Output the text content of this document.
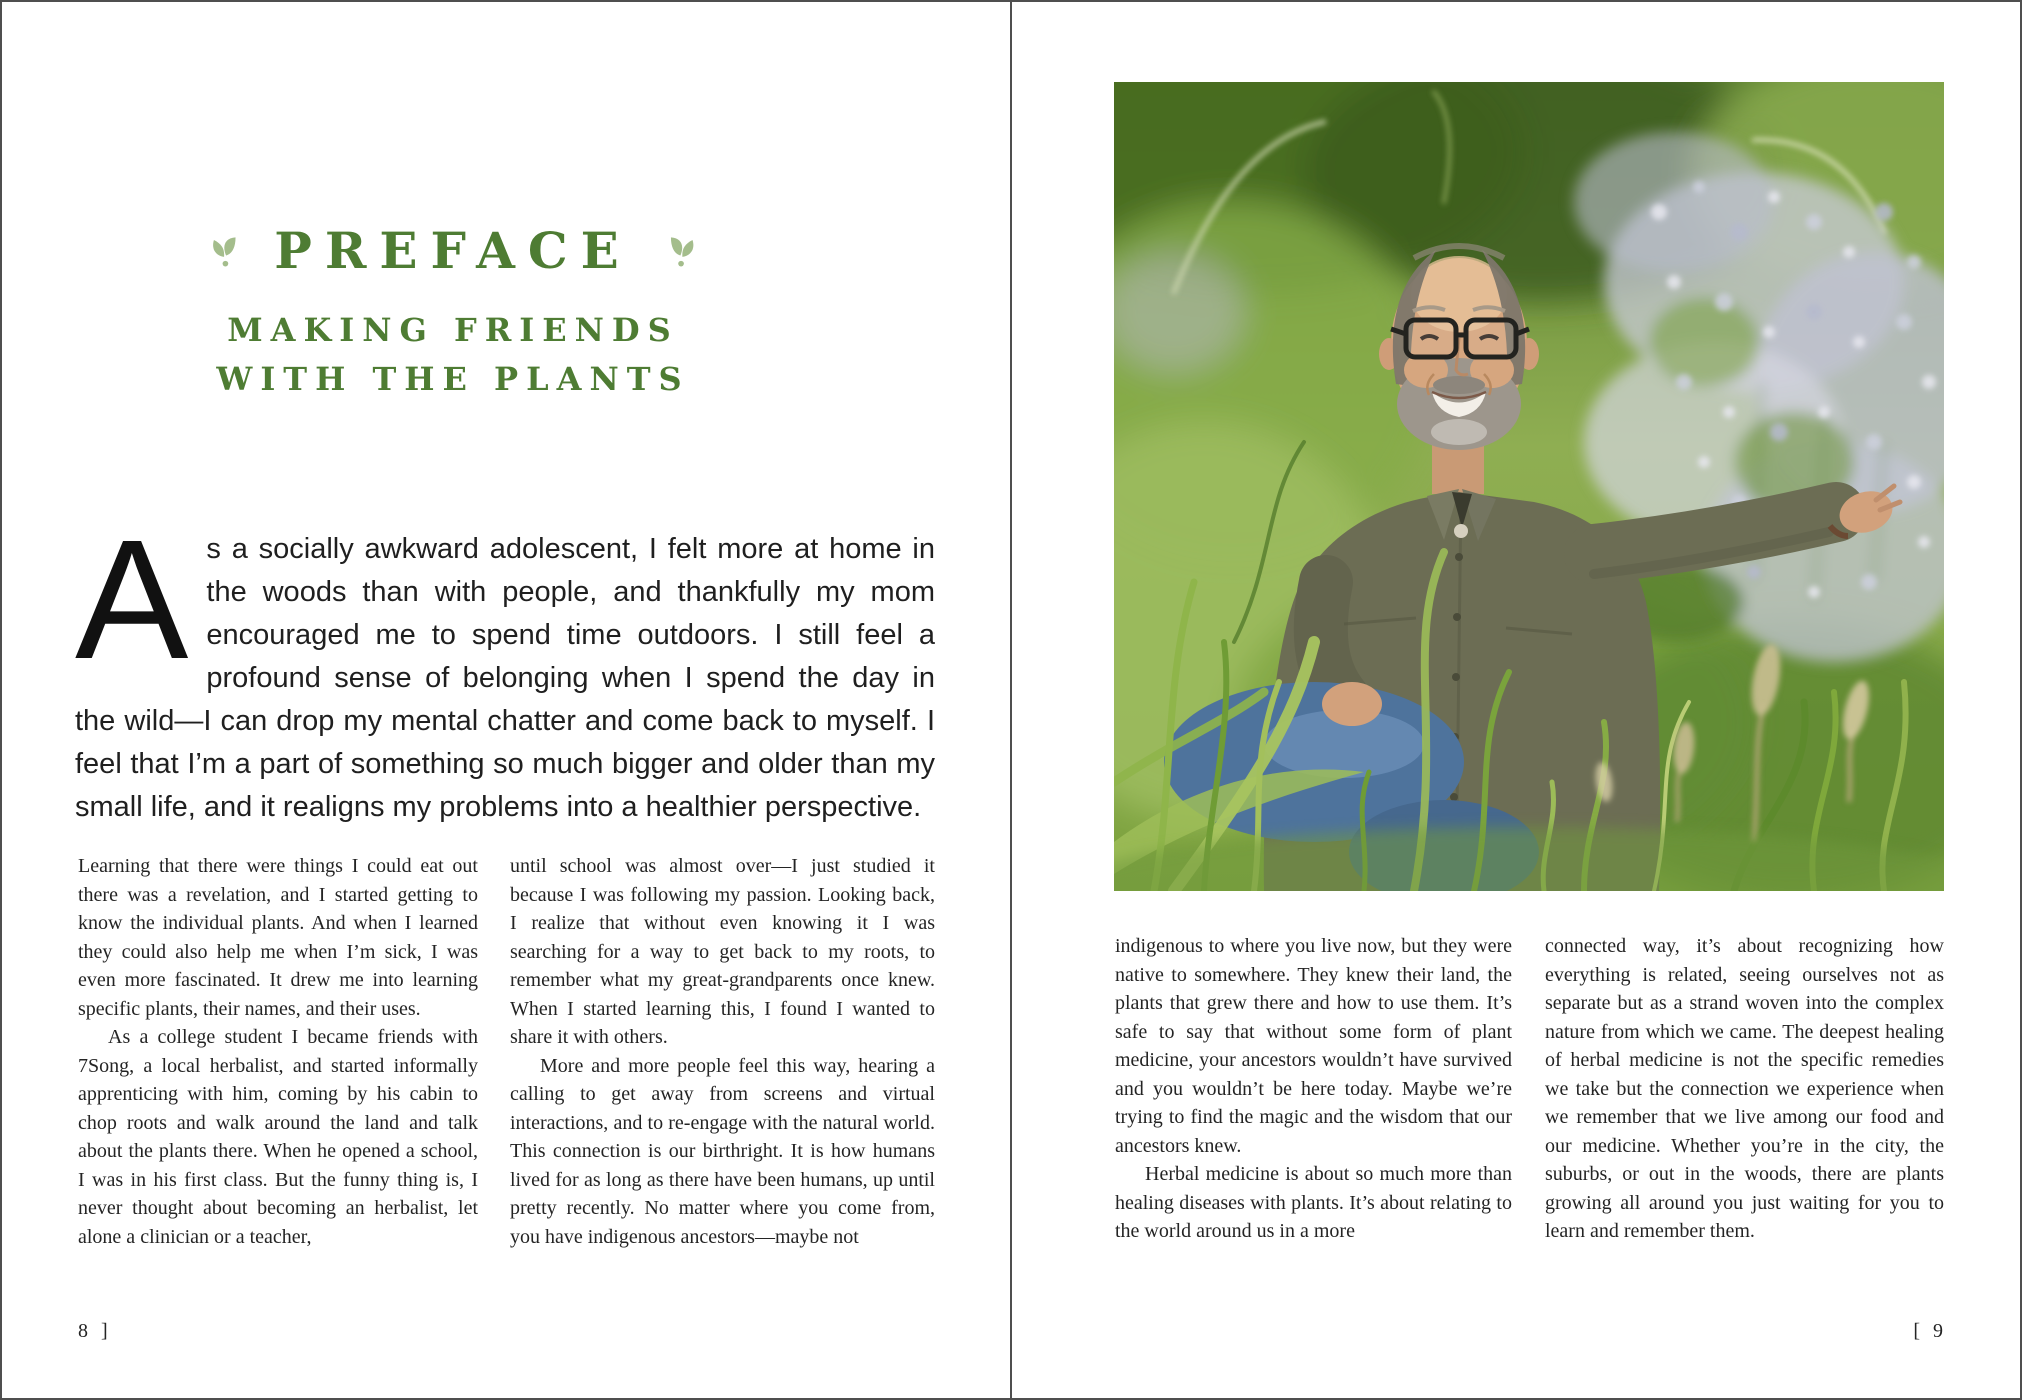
PREFACE
MAKING FRIENDS
WITH THE PLANTS
As a socially awkward adolescent, I felt more at home in the woods than with people, and thankfully my mom encouraged me to spend time outdoors. I still feel a profound sense of belonging when I spend the day in the wild—I can drop my mental chatter and come back to myself. I feel that I’m a part of something so much bigger and older than my small life, and it realigns my problems into a healthier perspective.

Learning that there were things I could eat out there was a revelation, and I started getting to know the individual plants. And when I learned they could also help me when I’m sick, I was even more fascinated. It drew me into learning specific plants, their names, and their uses.

As a college student I became friends with 7Song, a local herbalist, and started informally apprenticing with him, coming by his cabin to chop roots and walk around the land and talk about the plants there. When he opened a school, I was in his first class. But the funny thing is, I never thought about becoming an herbalist, let alone a clinician or a teacher,

until school was almost over—I just studied it because I was following my passion. Looking back, I realize that without even knowing it I was searching for a way to get back to my roots, to remember what my great-grandparents once knew. When I started learning this, I found I wanted to share it with others.

More and more people feel this way, hearing a calling to get away from screens and virtual interactions, and to re-engage with the natural world. This connection is our birthright. It is how humans lived for as long as there have been humans, up until pretty recently. No matter where you come from, you have indigenous ancestors—maybe not

8  ]

indigenous to where you live now, but they were native to somewhere. They knew their land, the plants that grew there and how to use them. It’s safe to say that without some form of plant medicine, your ancestors wouldn’t have survived and you wouldn’t be here today. Maybe we’re trying to find the magic and the wisdom that our ancestors knew.

Herbal medicine is about so much more than healing diseases with plants. It’s about relating to the world around us in a more

connected way, it’s about recognizing how everything is related, seeing ourselves not as separate but as a strand woven into the complex nature from which we came. The deepest healing of herbal medicine is not the specific remedies we take but the connection we experience when we remember that we live among our food and our medicine. Whether you’re in the city, the suburbs, or out in the woods, there are plants growing all around you just waiting for you to learn and remember them.

[  9
